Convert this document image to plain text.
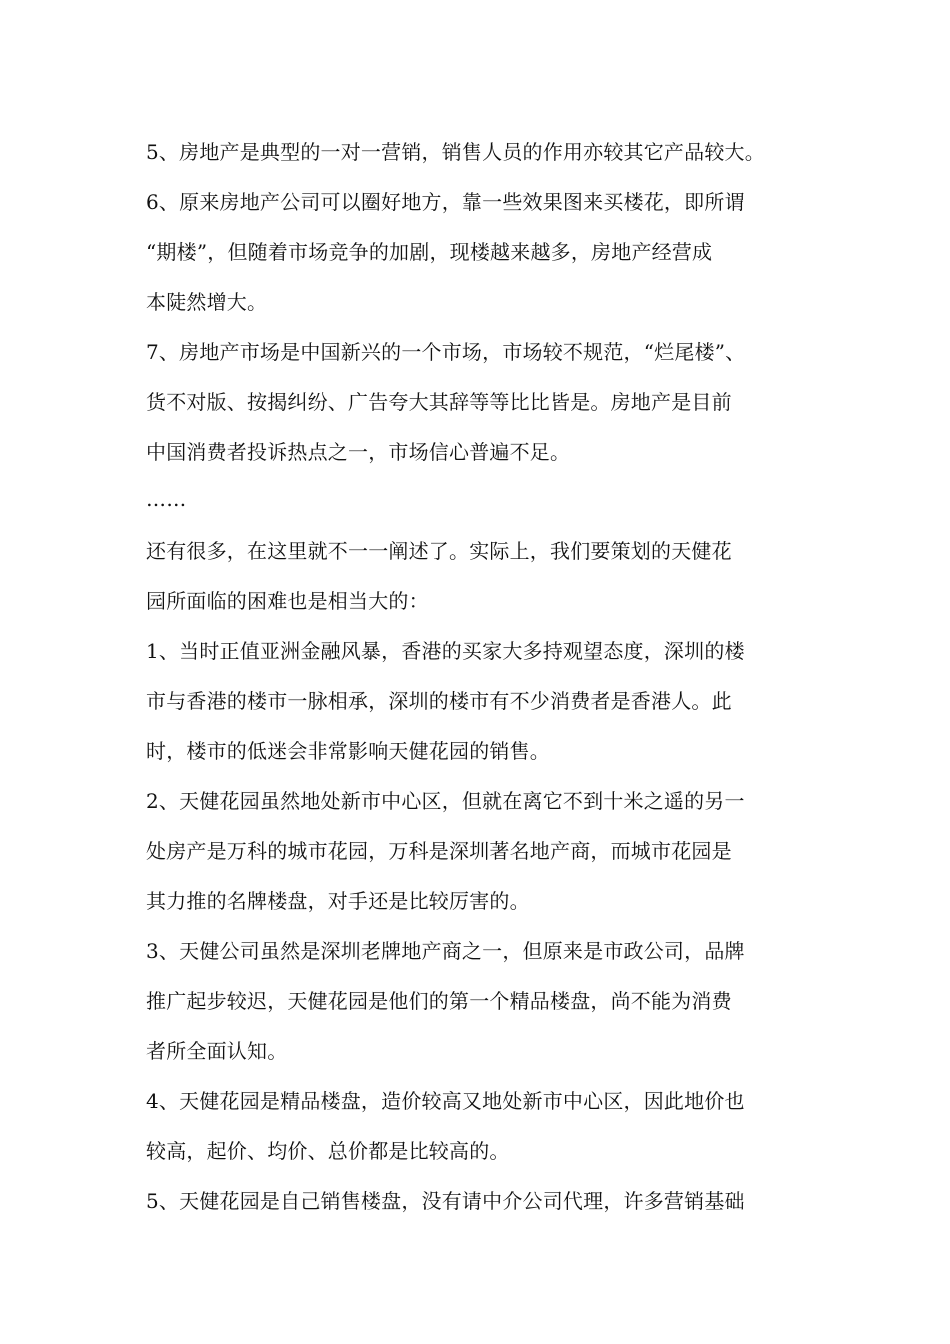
5、房地产是典型的一对一营销，销售人员的作用亦较其它产品较大。
6、原来房地产公司可以圈好地方，靠一些效果图来买楼花，即所谓
“期楼”，但随着市场竞争的加剧，现楼越来越多，房地产经营成
本陡然增大。
7、房地产市场是中国新兴的一个市场，市场较不规范，“烂尾楼”、
货不对版、按揭纠纷、广告夸大其辞等等比比皆是。房地产是目前
中国消费者投诉热点之一，市场信心普遍不足。
……
还有很多，在这里就不一一阐述了。实际上，我们要策划的天健花
园所面临的困难也是相当大的：
1、当时正值亚洲金融风暴，香港的买家大多持观望态度，深圳的楼
市与香港的楼市一脉相承，深圳的楼市有不少消费者是香港人。此
时，楼市的低迷会非常影响天健花园的销售。
2、天健花园虽然地处新市中心区，但就在离它不到十米之遥的另一
处房产是万科的城市花园，万科是深圳著名地产商，而城市花园是
其力推的名牌楼盘，对手还是比较厉害的。
3、天健公司虽然是深圳老牌地产商之一，但原来是市政公司，品牌
推广起步较迟，天健花园是他们的第一个精品楼盘，尚不能为消费
者所全面认知。
4、天健花园是精品楼盘，造价较高又地处新市中心区，因此地价也
较高，起价、均价、总价都是比较高的。
5、天健花园是自己销售楼盘，没有请中介公司代理，许多营销基础
